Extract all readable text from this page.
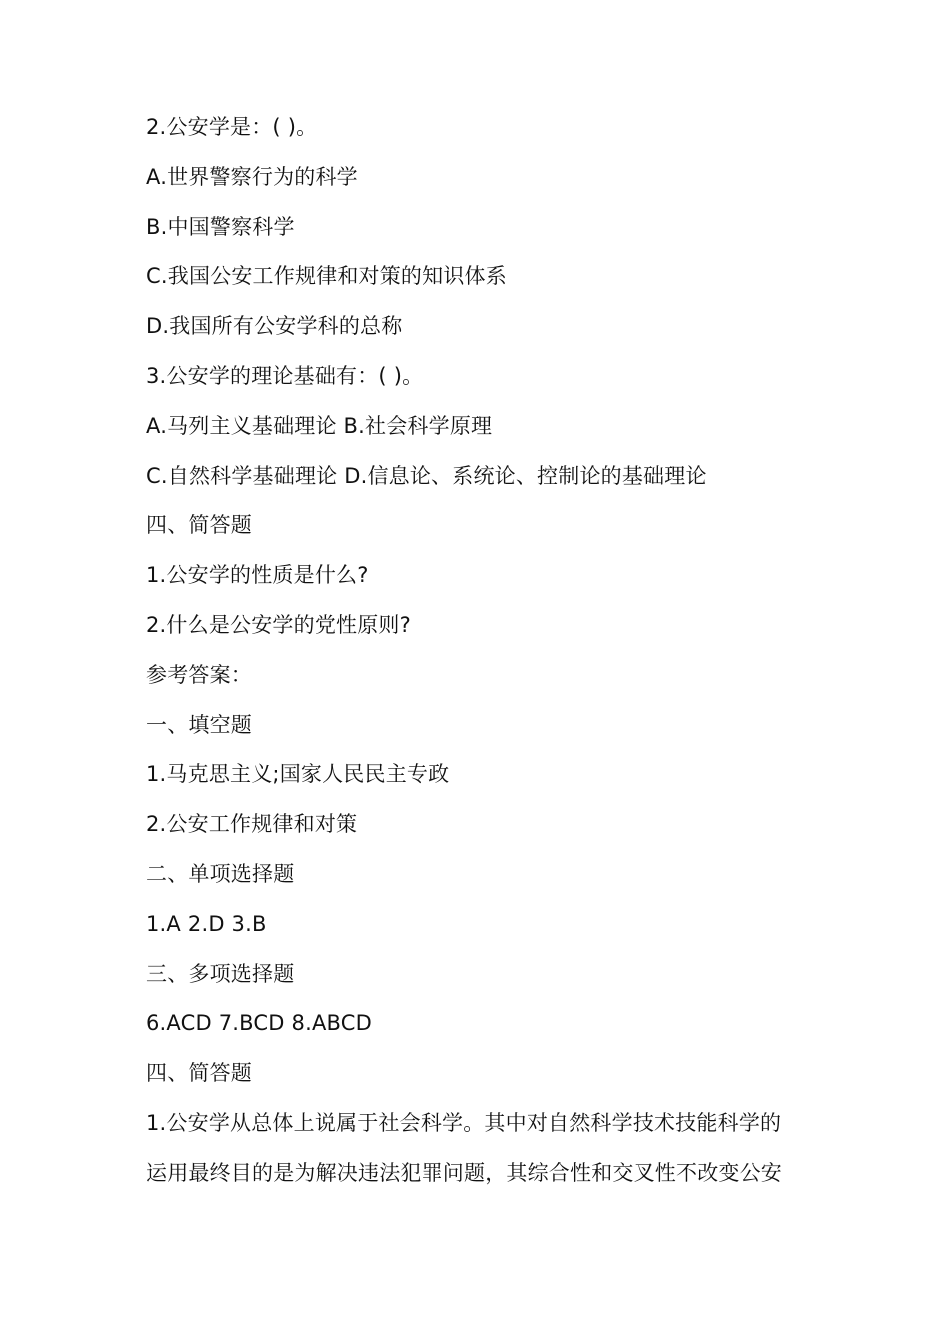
2.公安学是：( )。
A.世界警察行为的科学
B.中国警察科学
C.我国公安工作规律和对策的知识体系
D.我国所有公安学科的总称
3.公安学的理论基础有：( )。
A.马列主义基础理论 B.社会科学原理
C.自然科学基础理论 D.信息论、系统论、控制论的基础理论
四、简答题
1.公安学的性质是什么?
2.什么是公安学的党性原则?
参考答案：
一、填空题
1.马克思主义;国家人民民主专政
2.公安工作规律和对策
二、单项选择题
1.A 2.D 3.B
三、多项选择题
6.ACD 7.BCD 8.ABCD
四、简答题
1.公安学从总体上说属于社会科学。其中对自然科学技术技能科学的
运用最终目的是为解决违法犯罪问题，其综合性和交叉性不改变公安
